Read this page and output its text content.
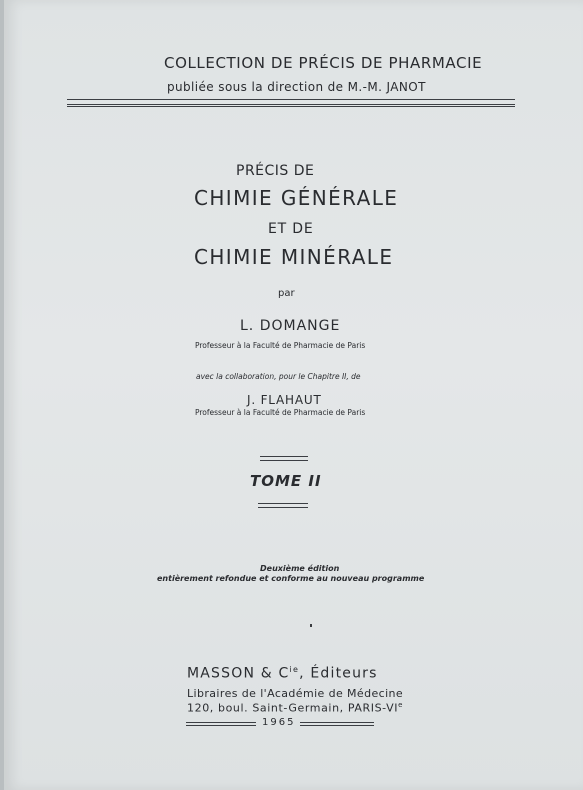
COLLECTION DE PRÉCIS DE PHARMACIE
publiée sous la direction de M.-M. JANOT
PRÉCIS DE
CHIMIE GÉNÉRALE
ET DE
CHIMIE MINÉRALE
par
L. DOMANGE
Professeur à la Faculté de Pharmacie de Paris
avec la collaboration, pour le Chapitre II, de
J. FLAHAUT
Professeur à la Faculté de Pharmacie de Paris
TOME II
Deuxième édition
entièrement refondue et conforme au nouveau programme
MASSON & $C^{ie}$, Éditeurs
Libraires de l'Académie de Médecine
120, boul. Saint-Germain, PARIS-VIe
1965
